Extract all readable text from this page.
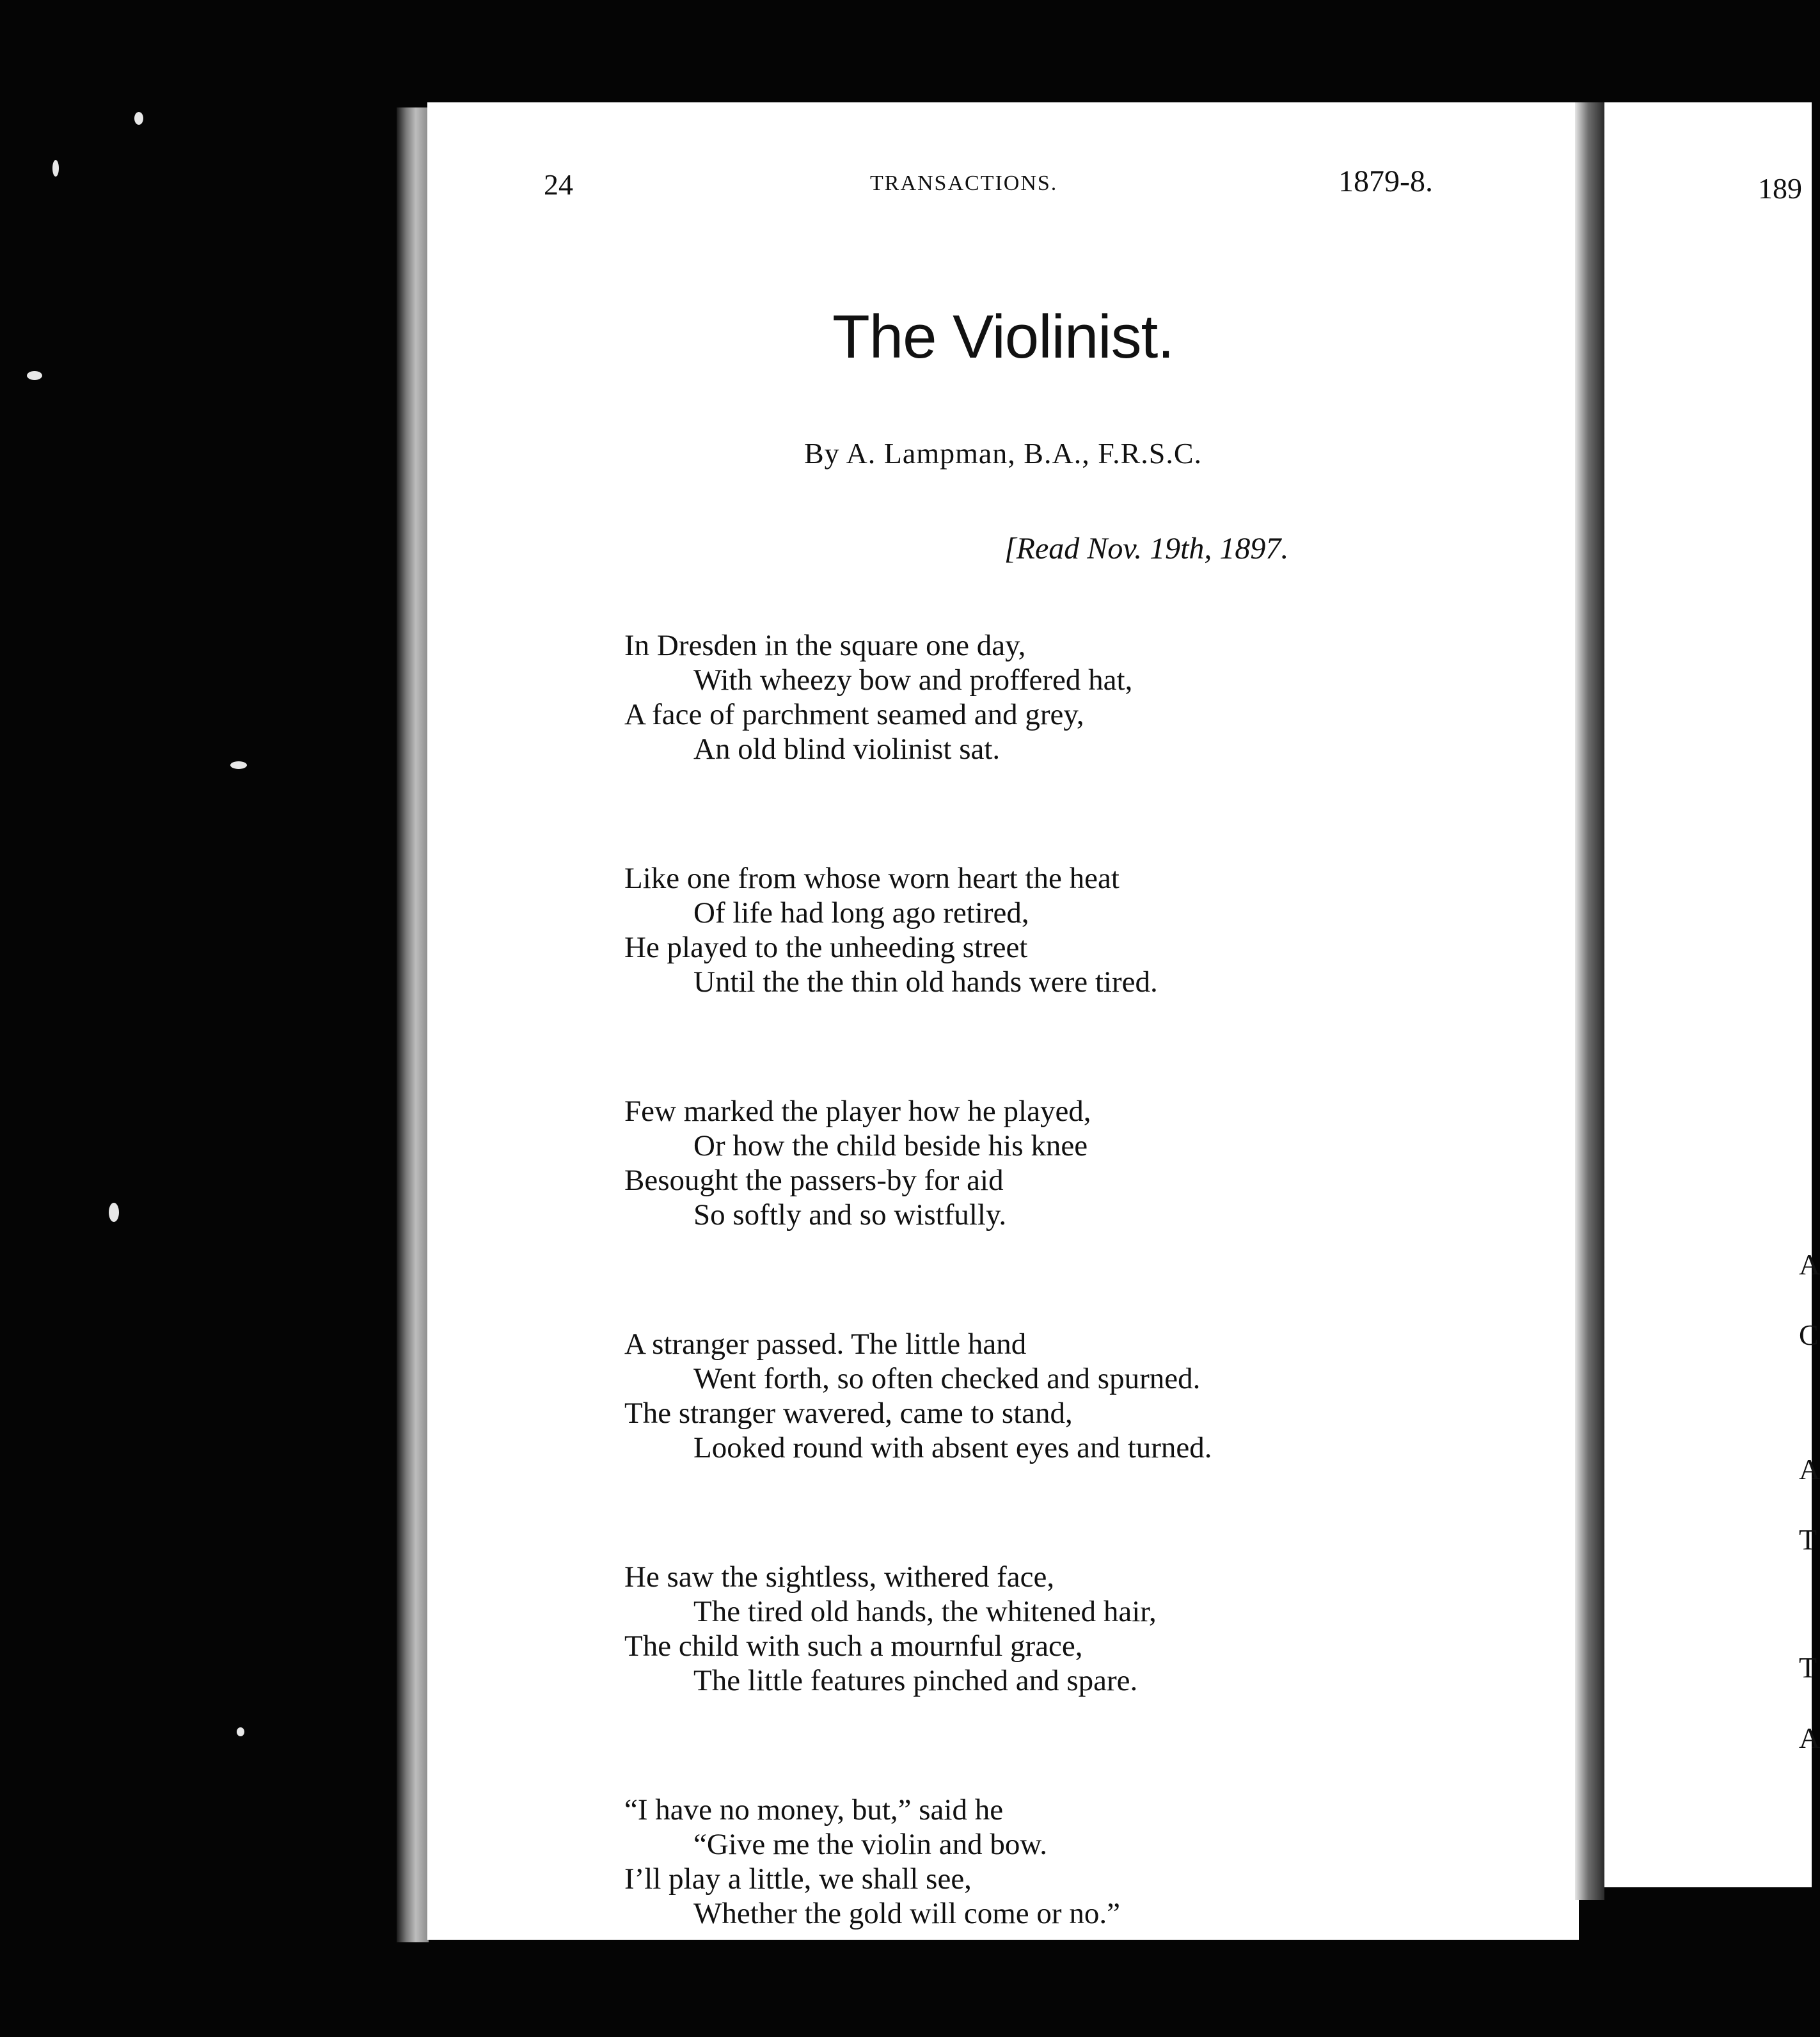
189
A
C
A
T
T
A
24	TRANSACTIONS.	1879-8.
The Violinist.
By A. Lampman, B.A., F.R.S.C.
[Read Nov. 19th, 1897.
In Dresden in the square one day,
With wheezy bow and proffered hat,
A face of parchment seamed and grey,
An old blind violinist sat.
Like one from whose worn heart the heat
Of life had long ago retired,
He played to the unheeding street
Until the the thin old hands were tired.
Few marked the player how he played,
Or how the child beside his knee
Besought the passers-by for aid
So softly and so wistfully.
A stranger passed. The little hand
Went forth, so often checked and spurned.
The stranger wavered, came to stand,
Looked round with absent eyes and turned.
He saw the sightless, withered face,
The tired old hands, the whitened hair,
The child with such a mournful grace,
The little features pinched and spare.
“I have no money, but,” said he
“Give me the violin and bow.
I’ll play a little, we shall see,
Whether the gold will come or no.”
